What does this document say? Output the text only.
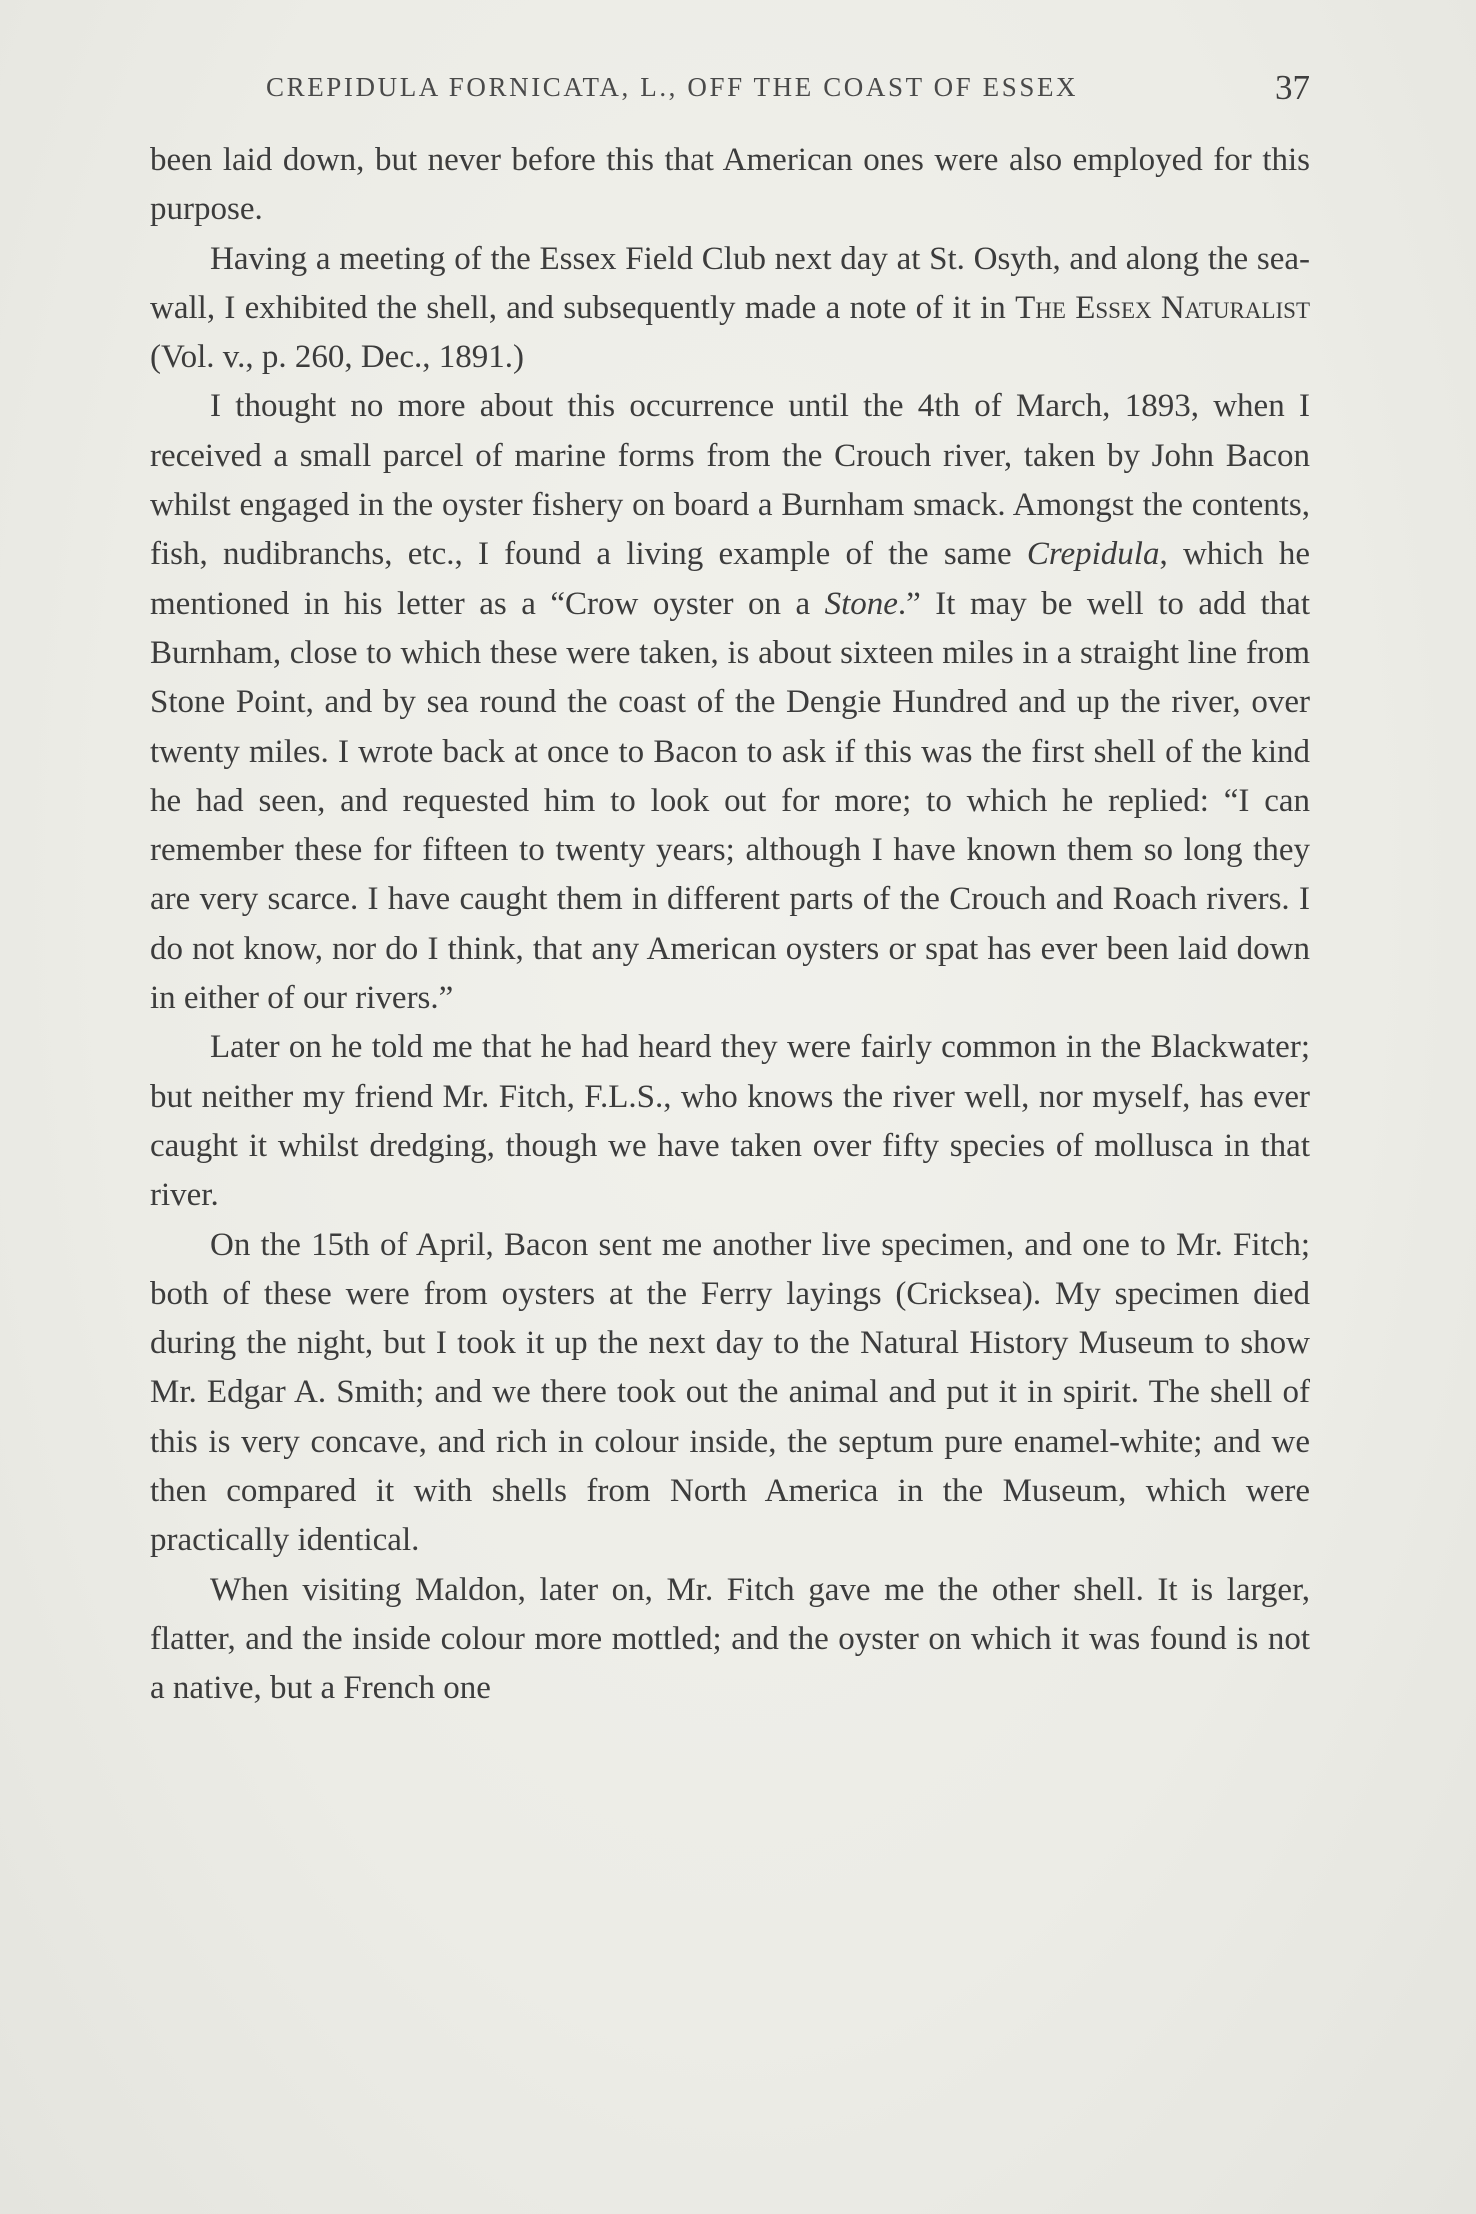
CREPIDULA FORNICATA, L., OFF THE COAST OF ESSEX	37

been laid down, but never before this that American ones were also employed for this purpose.

Having a meeting of the Essex Field Club next day at St. Osyth, and along the sea-wall, I exhibited the shell, and subsequently made a note of it in The Essex Naturalist (Vol. v., p. 260, Dec., 1891.)

I thought no more about this occurrence until the 4th of March, 1893, when I received a small parcel of marine forms from the Crouch river, taken by John Bacon whilst engaged in the oyster fishery on board a Burnham smack. Amongst the contents, fish, nudibranchs, etc., I found a living example of the same Crepidula, which he mentioned in his letter as a “Crow oyster on a Stone.” It may be well to add that Burnham, close to which these were taken, is about sixteen miles in a straight line from Stone Point, and by sea round the coast of the Dengie Hundred and up the river, over twenty miles. I wrote back at once to Bacon to ask if this was the first shell of the kind he had seen, and requested him to look out for more; to which he replied: “I can remember these for fifteen to twenty years; although I have known them so long they are very scarce. I have caught them in different parts of the Crouch and Roach rivers. I do not know, nor do I think, that any American oysters or spat has ever been laid down in either of our rivers.”

Later on he told me that he had heard they were fairly common in the Blackwater; but neither my friend Mr. Fitch, F.L.S., who knows the river well, nor myself, has ever caught it whilst dredging, though we have taken over fifty species of mollusca in that river.

On the 15th of April, Bacon sent me another live specimen, and one to Mr. Fitch; both of these were from oysters at the Ferry layings (Cricksea). My specimen died during the night, but I took it up the next day to the Natural History Museum to show Mr. Edgar A. Smith; and we there took out the animal and put it in spirit. The shell of this is very concave, and rich in colour inside, the septum pure enamel-white; and we then compared it with shells from North America in the Museum, which were practically identical.

When visiting Maldon, later on, Mr. Fitch gave me the other shell. It is larger, flatter, and the inside colour more mottled; and the oyster on which it was found is not a native, but a French one
